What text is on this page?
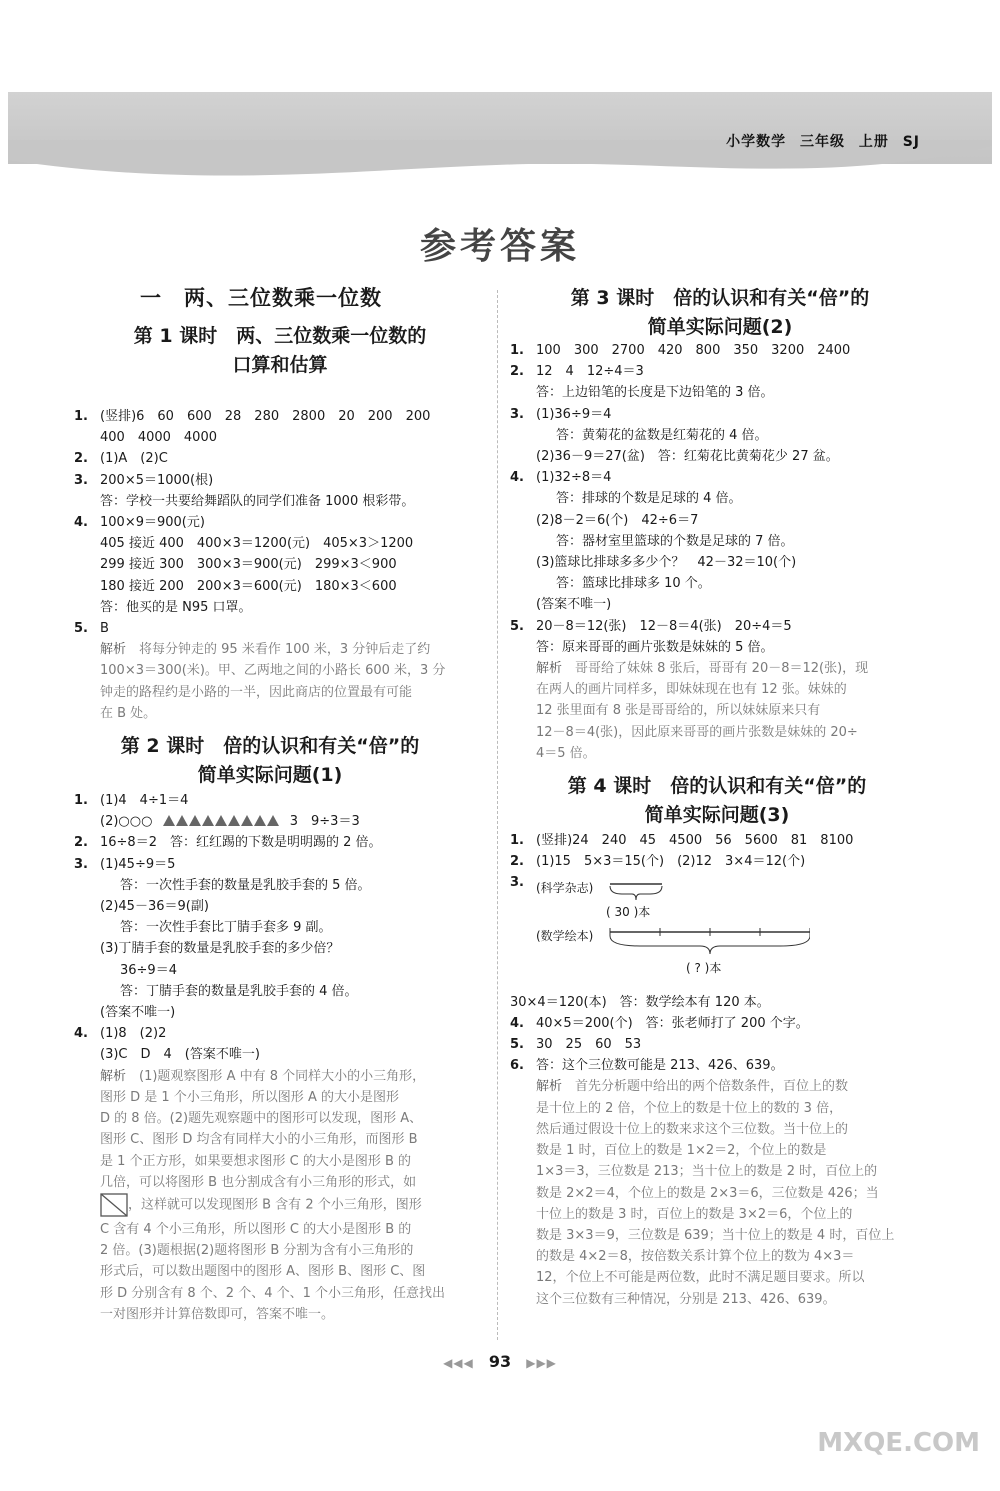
小学数学 三年级 上册 SJ
参考答案
一　两、三位数乘一位数
第 1 课时　两、三位数乘一位数的
口算和估算
1. (竖排)6　60　600　28　280　2800　20　200　200
400　4000　4000
2. (1)A　(2)C
3. 200×5＝1000(根)
答：学校一共要给舞蹈队的同学们准备 1000 根彩带。
4. 100×9＝900(元)
405 接近 400　400×3＝1200(元)　405×3＞1200
299 接近 300　300×3＝900(元)　299×3＜900
180 接近 200　200×3＝600(元)　180×3＜600
答：他买的是 N95 口罩。
5. B
解析　将每分钟走的 95 米看作 100 米，3 分钟后走了约
100×3＝300(米)。甲、乙两地之间的小路长 600 米，3 分
钟走的路程约是小路的一半，因此商店的位置最有可能
在 B 处。
第 2 课时　倍的认识和有关“倍”的
简单实际问题(1)
1. (1)4　4÷1＝4
(2)○○○	3　9÷3＝3
2. 16÷8＝2　答：红红踢的下数是明明踢的 2 倍。
3. (1)45÷9＝5
答：一次性手套的数量是乳胶手套的 5 倍。
(2)45－36＝9(副)
答：一次性手套比丁腈手套多 9 副。
(3)丁腈手套的数量是乳胶手套的多少倍？
36÷9＝4
答：丁腈手套的数量是乳胶手套的 4 倍。
(答案不唯一)
4. (1)8　(2)2
(3)C　D　4　(答案不唯一)
解析　(1)题观察图形 A 中有 8 个同样大小的小三角形，
图形 D 是 1 个小三角形，所以图形 A 的大小是图形
D 的 8 倍。(2)题先观察题中的图形可以发现，图形 A、
图形 C、图形 D 均含有同样大小的小三角形，而图形 B
是 1 个正方形，如果要想求图形 C 的大小是图形 B 的
几倍，可以将图形 B 也分割成含有小三角形的形式，如
，这样就可以发现图形 B 含有 2 个小三角形，图形
C 含有 4 个小三角形，所以图形 C 的大小是图形 B 的
2 倍。(3)题根据(2)题将图形 B 分割为含有小三角形的
形式后，可以数出题图中的图形 A、图形 B、图形 C、图
形 D 分别含有 8 个、2 个、4 个、1 个小三角形，任意找出
一对图形并计算倍数即可，答案不唯一。
第 3 课时　倍的认识和有关“倍”的
简单实际问题(2)
1. 100　300　2700　420　800　350　3200　2400
2. 12　4　12÷4＝3
答：上边铅笔的长度是下边铅笔的 3 倍。
3. (1)36÷9＝4
答：黄菊花的盆数是红菊花的 4 倍。
(2)36－9＝27(盆)　答：红菊花比黄菊花少 27 盆。
4. (1)32÷8＝4
答：排球的个数是足球的 4 倍。
(2)8－2＝6(个)　42÷6＝7
答：器材室里篮球的个数是足球的 7 倍。
(3)篮球比排球多多少个？　42－32＝10(个)
答：篮球比排球多 10 个。
(答案不唯一)
5. 20－8＝12(张)　12－8＝4(张)　20÷4＝5
答：原来哥哥的画片张数是妹妹的 5 倍。
解析　哥哥给了妹妹 8 张后，哥哥有 20－8＝12(张)，现
在两人的画片同样多，即妹妹现在也有 12 张。妹妹的
12 张里面有 8 张是哥哥给的，所以妹妹原来只有
12－8＝4(张)，因此原来哥哥的画片张数是妹妹的 20÷
4＝5 倍。
第 4 课时　倍的认识和有关“倍”的
简单实际问题(3)
1. (竖排)24　240　45　4500　56　5600　81　8100
2. (1)15　5×3＝15(个)　(2)12　3×4＝12(个)
3.	(科学杂志)
( 30 )本
(数学绘本)
( ? )本
30×4＝120(本)　答：数学绘本有 120 本。
4. 40×5＝200(个)　答：张老师打了 200 个字。
5. 30　25　60　53
6. 答：这个三位数可能是 213、426、639。
解析　首先分析题中给出的两个倍数条件，百位上的数
是十位上的 2 倍，个位上的数是十位上的数的 3 倍，
然后通过假设十位上的数来求这个三位数。当十位上的
数是 1 时，百位上的数是 1×2＝2，个位上的数是
1×3＝3，三位数是 213；当十位上的数是 2 时，百位上的
数是 2×2＝4，个位上的数是 2×3＝6，三位数是 426；当
十位上的数是 3 时，百位上的数是 3×2＝6，个位上的
数是 3×3＝9，三位数是 639；当十位上的数是 4 时，百位上
的数是 4×2＝8，按倍数关系计算个位上的数为 4×3＝
12，个位上不可能是两位数，此时不满足题目要求。所以
这个三位数有三种情况，分别是 213、426、639。
◀◀◀ 93 ▶▶▶
MXQE.COM
